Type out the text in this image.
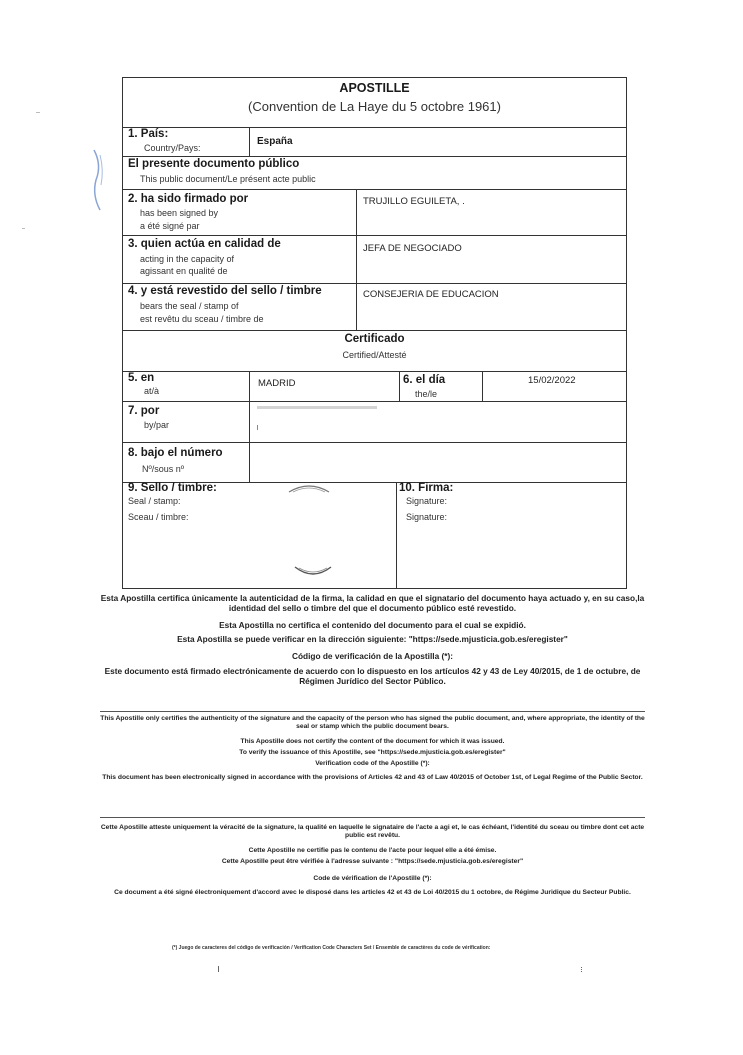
APOSTILLE
(Convention de La Haye du 5 octobre 1961)
1. País:
Country/Pays:
España
El presente documento público
This public document/Le présent acte public
2. ha sido firmado por
has been signed by
a été signé par
TRUJILLO EGUILETA, .
3. quien actúa en calidad de
acting in the capacity of
agissant en qualité de
JEFA DE NEGOCIADO
4. y está revestido del sello / timbre
bears the seal / stamp of
est revêtu du sceau / timbre de
CONSEJERIA DE EDUCACION
Certificado
Certified/Attesté
5. en
at/à
MADRID	6. el día
the/le
15/02/2022
7. por
by/par
8. bajo el número
Nº/sous nº
9. Sello / timbre:
Seal / stamp:
Sceau / timbre:
10. Firma:
Signature:
Signature:
Esta Apostilla certifica únicamente la autenticidad de la firma, la calidad en que el signatario del documento haya actuado y, en su caso,la identidad del sello o timbre del que el documento público esté revestido.
Esta Apostilla no certifica el contenido del documento para el cual se expidió.
Esta Apostilla se puede verificar en la dirección siguiente: "https://sede.mjusticia.gob.es/eregister"
Código de verificación de la Apostilla (*):
Este documento está firmado electrónicamente de acuerdo con lo dispuesto en los artículos 42 y 43 de Ley 40/2015, de 1 de octubre, de Régimen Jurídico del Sector Público.
This Apostille only certifies the authenticity of the signature and the capacity of the person who has signed the public document, and, where appropriate, the identity of the seal or stamp which the public document bears.
This Apostille does not certify the content of the document for which it was issued.
To verify the issuance of this Apostille, see "https://sede.mjusticia.gob.es/eregister"
Verification code of the Apostille (*):
This document has been electronically signed in accordance with the provisions of Articles 42 and 43 of Law 40/2015 of October 1st, of Legal Regime of the Public Sector.
Cette Apostille atteste uniquement la véracité de la signature, la qualité en laquelle le signataire de l'acte a agi et, le cas échéant, l'identité du sceau ou timbre dont cet acte public est revêtu.
Cette Apostille ne certifie pas le contenu de l'acte pour lequel elle a été émise.
Cette Apostille peut être vérifiée à l'adresse suivante : "https://sede.mjusticia.gob.es/eregister"
Code de vérification de l'Apostille (*):
Ce document a été signé électroniquement d'accord avec le disposé dans les articles 42 et 43 de Loi 40/2015 du 1 octobre, de Régime Juridique du Secteur Public.
(*) Juego de caracteres del código de verificación / Verification Code Characters Set / Ensemble de caractères du code de vérification:
